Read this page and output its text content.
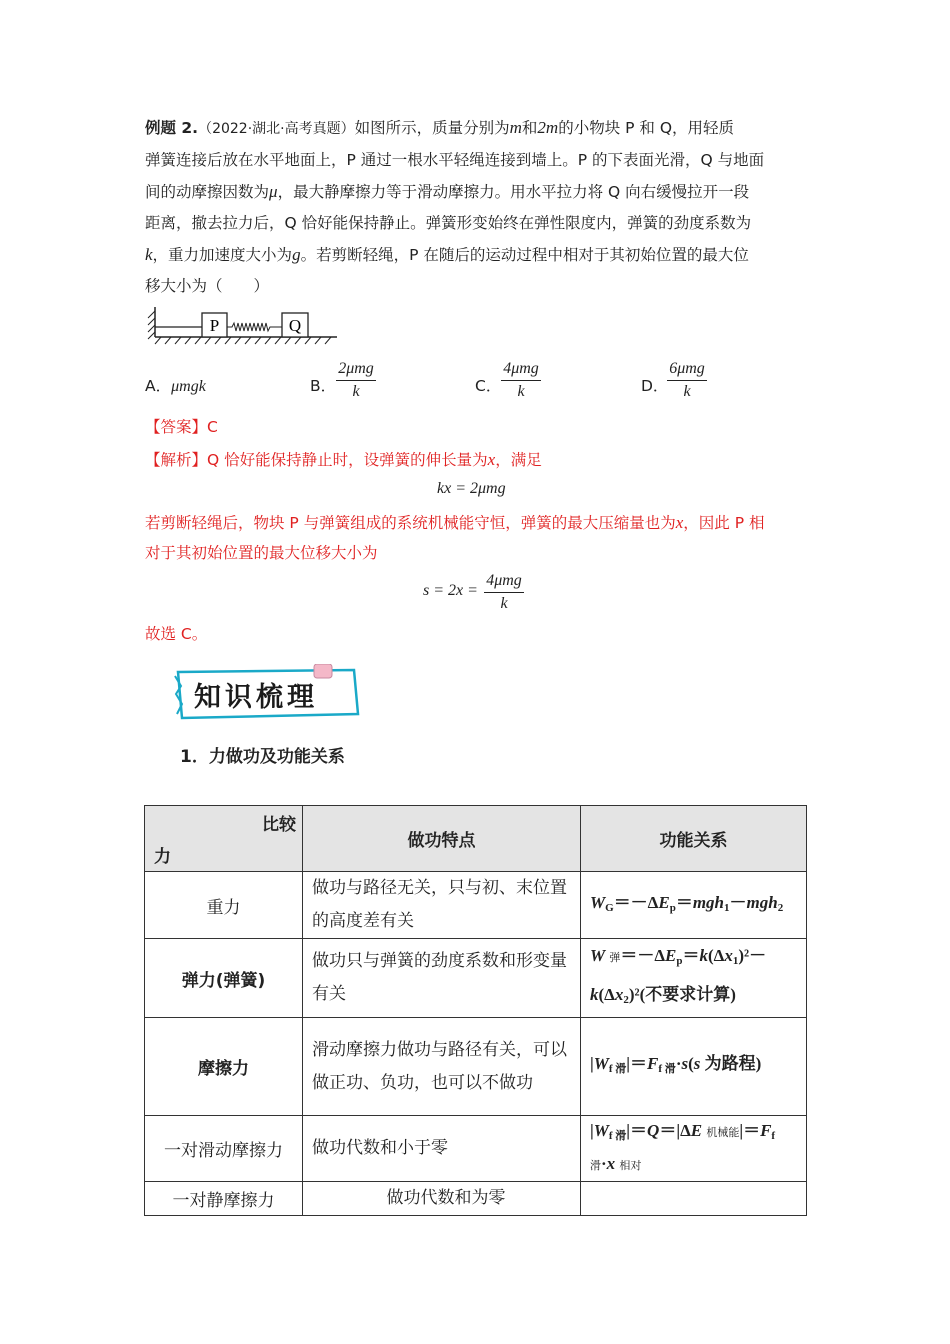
例题 2.（2022·湖北·高考真题）如图所示，质量分别为m和2m的小物块 P 和 Q，用轻质
弹簧连接后放在水平地面上，P 通过一根水平轻绳连接到墙上。P 的下表面光滑，Q 与地面
间的动摩擦因数为μ，最大静摩擦力等于滑动摩擦力。用水平拉力将 Q 向右缓慢拉开一段
距离，撤去拉力后，Q 恰好能保持静止。弹簧形变始终在弹性限度内，弹簧的劲度系数为
k，重力加速度大小为g。若剪断轻绳，P 在随后的运动过程中相对于其初始位置的最大位
移大小为（　　）
P	Q
A．μmgk	B．
2μmg
k	C．
4μmg
k	D．
6μmg
k
【答案】C
【解析】Q 恰好能保持静止时，设弹簧的伸长量为x，满足
kx = 2μmg
若剪断轻绳后，物块 P 与弹簧组成的系统机械能守恒，弹簧的最大压缩量也为x，因此 P 相
对于其初始位置的最大位移大小为
s = 2x =
4μmg
k
故选 C。
知识梳理
1．力做功及功能关系
比较
力	做功特点	功能关系
重力	做功与路径无关，只与初、末位置的高度差有关	$W_G=-\Delta E_p=mgh_1-mgh_2$
弹力(弹簧)	做功只与弹簧的劲度系数和形变量有关	W 弹$=-\Delta E_p=k(\Delta x_1)^2-$
$k(\Delta x_2)^2$(不要求计算)
摩擦力	滑动摩擦力做功与路径有关，可以做正功、负功，也可以不做功	$|W_{f 滑}|=F_{f 滑}\cdot s(s$ 为路程)
一对滑动摩擦力	做功代数和小于零	$|W_{f 滑}|=Q=|\Delta E$ 机械能$|=F_f$
滑·x 相对
一对静摩擦力	做功代数和为零	
